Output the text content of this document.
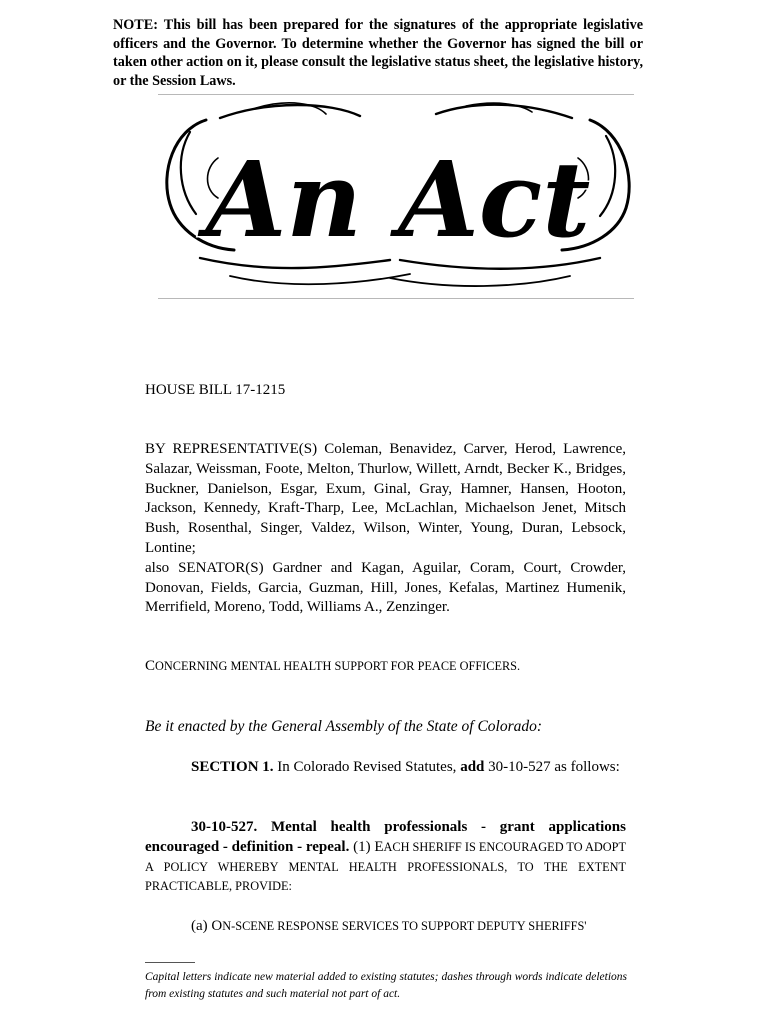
NOTE: This bill has been prepared for the signatures of the appropriate legislative officers and the Governor. To determine whether the Governor has signed the bill or taken other action on it, please consult the legislative status sheet, the legislative history, or the Session Laws.
An Act
HOUSE BILL 17-1215
BY REPRESENTATIVE(S) Coleman, Benavidez, Carver, Herod, Lawrence, Salazar, Weissman, Foote, Melton, Thurlow, Willett, Arndt, Becker K., Bridges, Buckner, Danielson, Esgar, Exum, Ginal, Gray, Hamner, Hansen, Hooton, Jackson, Kennedy, Kraft-Tharp, Lee, McLachlan, Michaelson Jenet, Mitsch Bush, Rosenthal, Singer, Valdez, Wilson, Winter, Young, Duran, Lebsock, Lontine;
also SENATOR(S) Gardner and Kagan, Aguilar, Coram, Court, Crowder, Donovan, Fields, Garcia, Guzman, Hill, Jones, Kefalas, Martinez Humenik, Merrifield, Moreno, Todd, Williams A., Zenzinger.
CONCERNING MENTAL HEALTH SUPPORT FOR PEACE OFFICERS.
Be it enacted by the General Assembly of the State of Colorado:
SECTION 1. In Colorado Revised Statutes, add 30-10-527 as follows:
30-10-527. Mental health professionals - grant applications encouraged - definition - repeal. (1) EACH SHERIFF IS ENCOURAGED TO ADOPT A POLICY WHEREBY MENTAL HEALTH PROFESSIONALS, TO THE EXTENT PRACTICABLE, PROVIDE:
(a) ON-SCENE RESPONSE SERVICES TO SUPPORT DEPUTY SHERIFFS'
Capital letters indicate new material added to existing statutes; dashes through words indicate deletions from existing statutes and such material not part of act.
